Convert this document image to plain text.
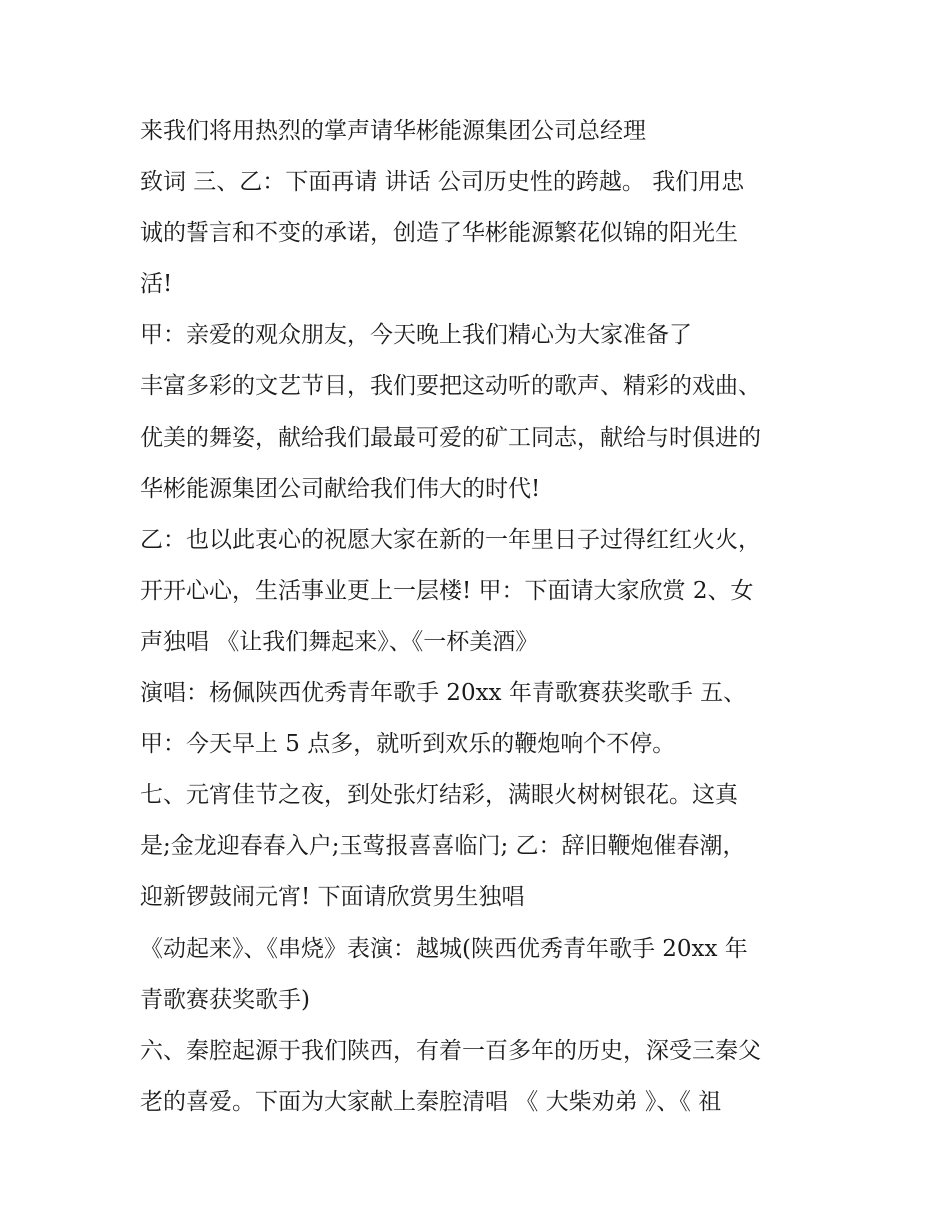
来我们将用热烈的掌声请华彬能源集团公司总经理
致词 三、乙：下面再请 讲话 公司历史性的跨越。 我们用忠
诚的誓言和不变的承诺，创造了华彬能源繁花似锦的阳光生
活!
甲：亲爱的观众朋友，今天晚上我们精心为大家准备了
丰富多彩的文艺节目，我们要把这动听的歌声、精彩的戏曲、
优美的舞姿，献给我们最最可爱的矿工同志，献给与时俱进的
华彬能源集团公司献给我们伟大的时代!
乙：也以此衷心的祝愿大家在新的一年里日子过得红红火火，
开开心心，生活事业更上一层楼! 甲：下面请大家欣赏 2、女
声独唱 《让我们舞起来》、《一杯美酒》
演唱：杨佩陕西优秀青年歌手 20xx 年青歌赛获奖歌手 五、
甲：今天早上 5 点多，就听到欢乐的鞭炮响个不停。
七、元宵佳节之夜，到处张灯结彩，满眼火树树银花。这真
是;金龙迎春春入户;玉莺报喜喜临门; 乙：辞旧鞭炮催春潮，
迎新锣鼓闹元宵! 下面请欣赏男生独唱
《动起来》、《串烧》表演：越城(陕西优秀青年歌手 20xx 年
青歌赛获奖歌手)
六、秦腔起源于我们陕西，有着一百多年的历史，深受三秦父
老的喜爱。下面为大家献上秦腔清唱 《 大柴劝弟 》、《 祖
